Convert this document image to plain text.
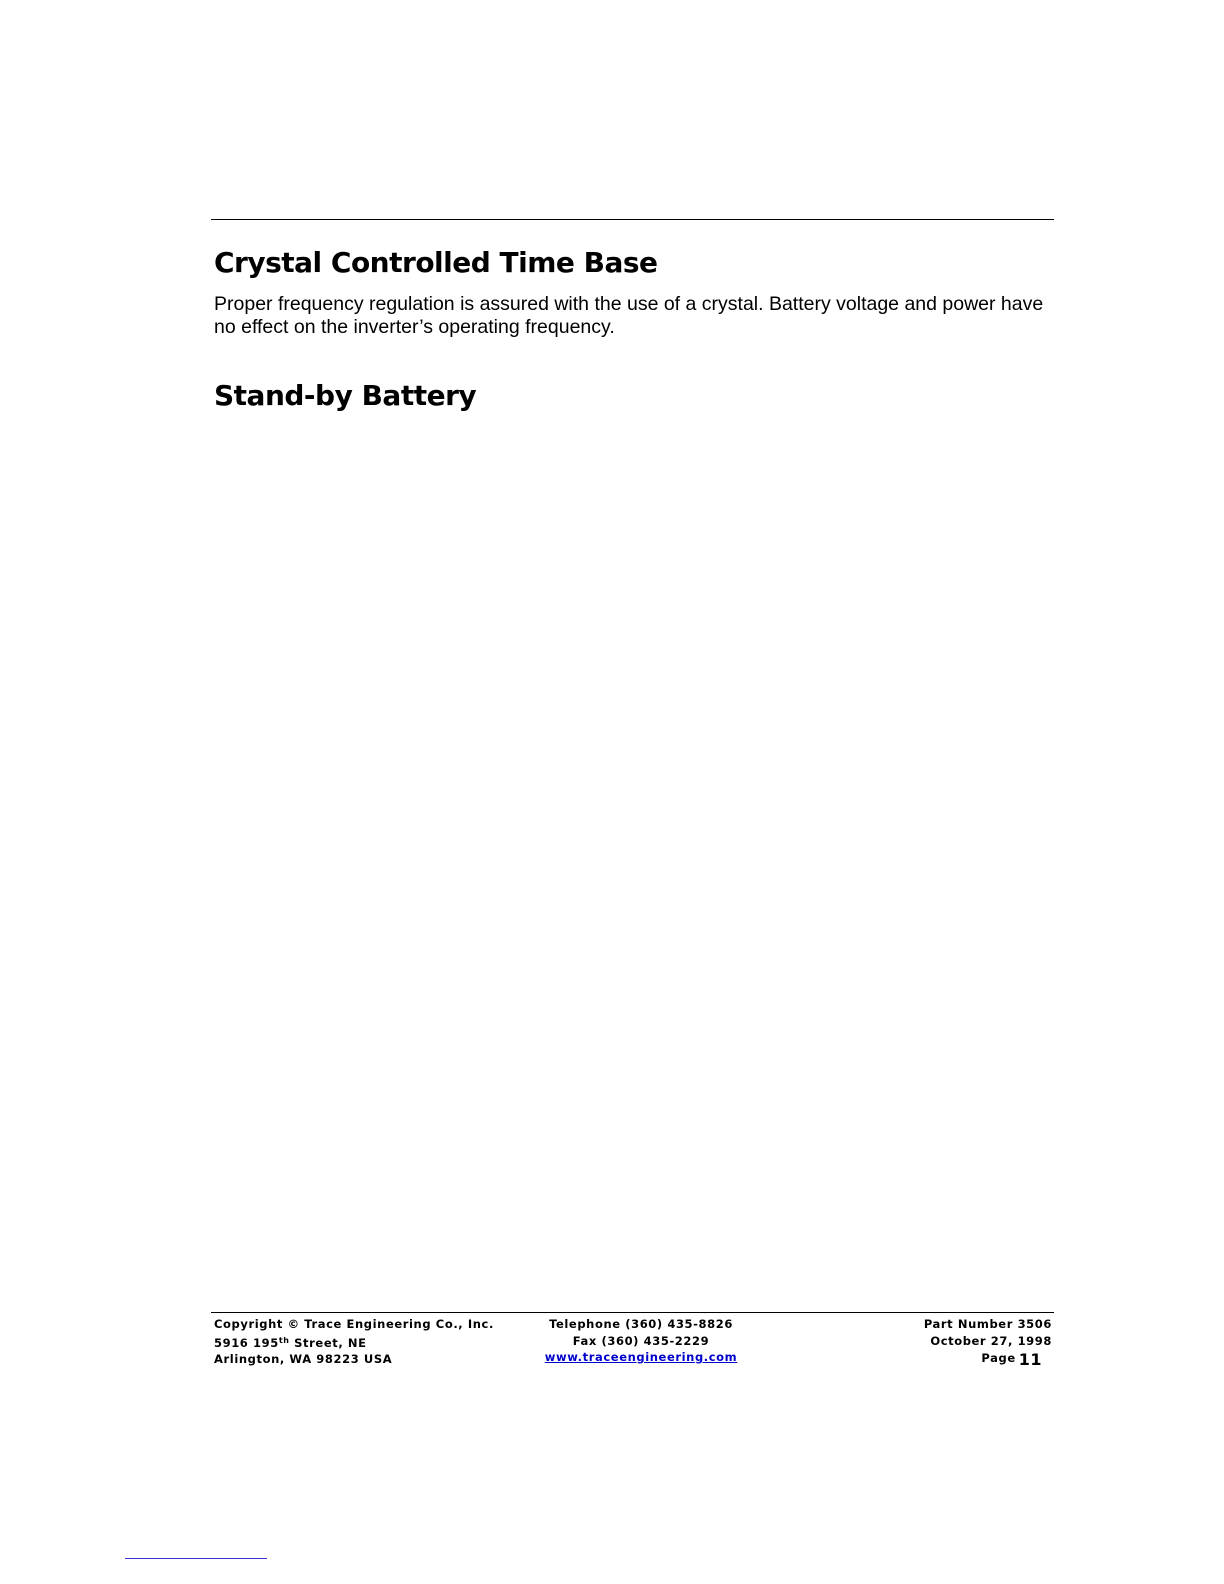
Crystal Controlled Time Base

Proper frequency regulation is assured with the use of a crystal. Battery voltage and power have no effect on the inverter’s operating frequency.

Stand-by Battery
Copyright © Trace Engineering Co., Inc.
5916 195th Street, NE
Arlington, WA 98223 USA
Telephone (360) 435-8826
Fax (360) 435-2229
www.traceengineering.com
Part Number 3506
October 27, 1998
Page 11
